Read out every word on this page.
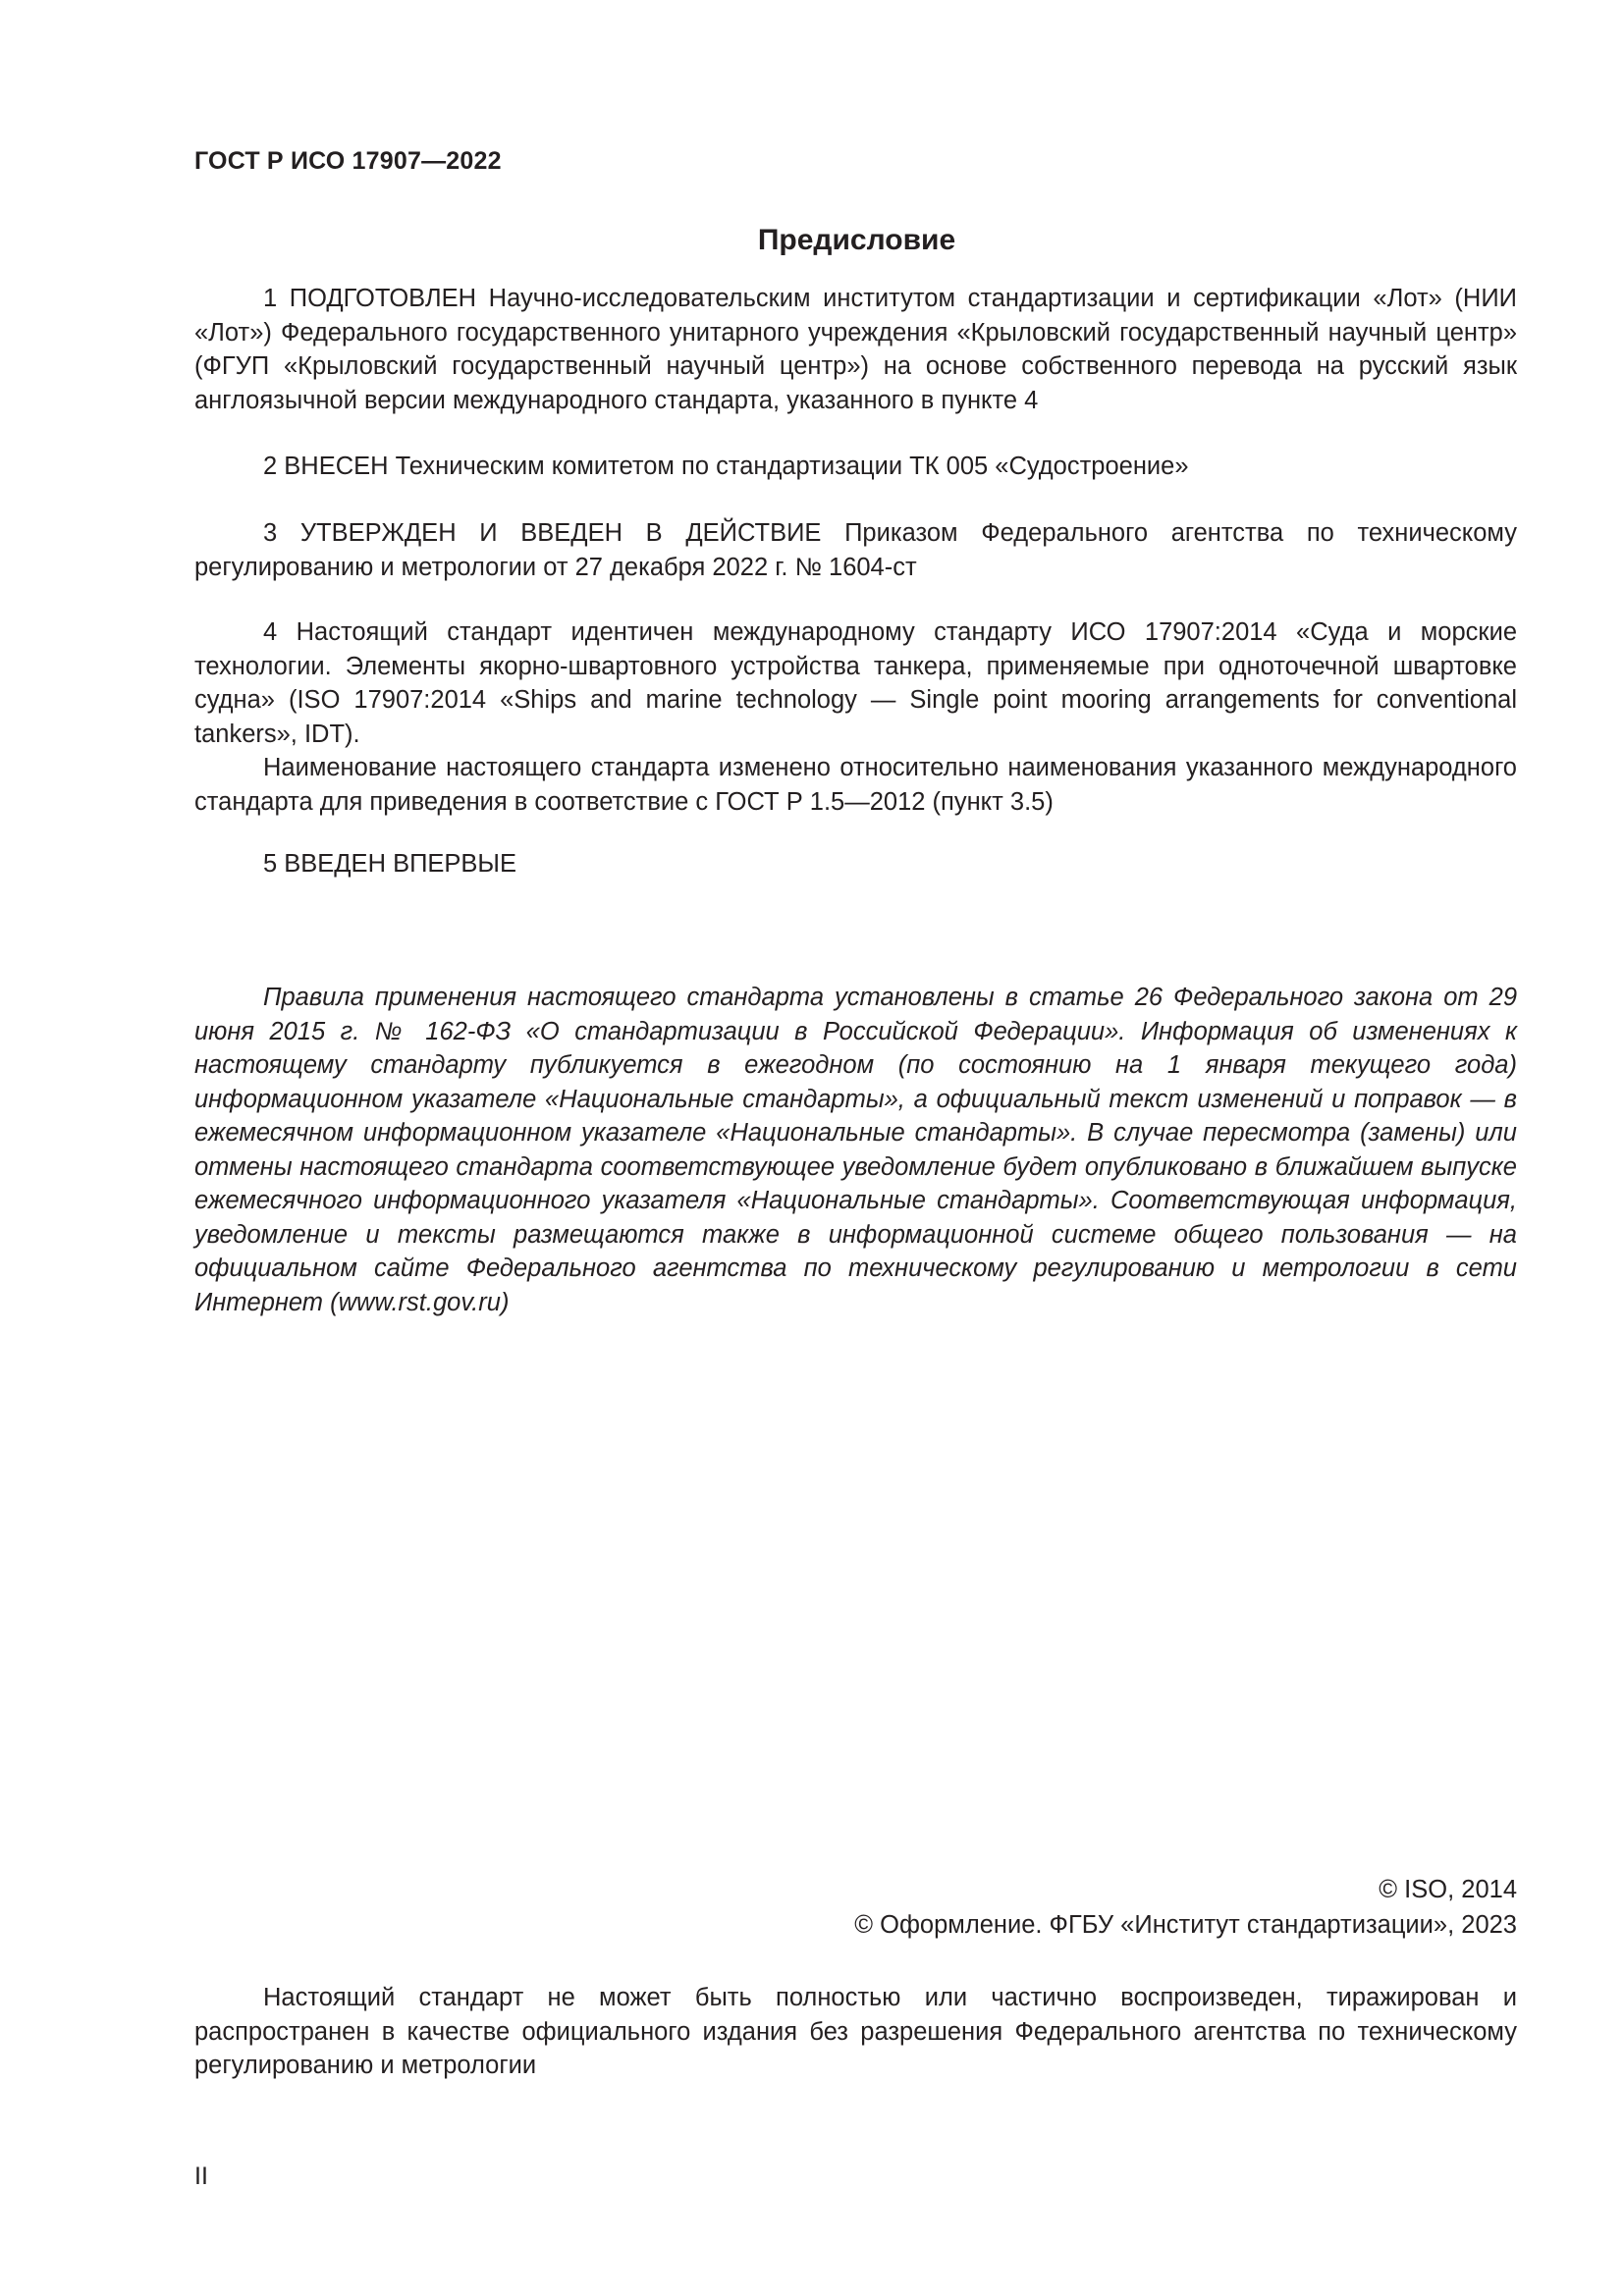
ГОСТ Р ИСО 17907—2022
Предисловие

1 ПОДГОТОВЛЕН Научно-исследовательским институтом стандартизации и сертификации «Лот» (НИИ «Лот») Федерального государственного унитарного учреждения «Крыловский государственный научный центр» (ФГУП «Крыловский государственный научный центр») на основе собственного перевода на русский язык англоязычной версии международного стандарта, указанного в пункте 4

2 ВНЕСЕН Техническим комитетом по стандартизации ТК 005 «Судостроение»

3 УТВЕРЖДЕН И ВВЕДЕН В ДЕЙСТВИЕ Приказом Федерального агентства по техническому регулированию и метрологии от 27 декабря 2022 г. № 1604-ст

4 Настоящий стандарт идентичен международному стандарту ИСО 17907:2014 «Суда и морские технологии. Элементы якорно-швартовного устройства танкера, применяемые при одноточечной швартовке судна» (ISO 17907:2014 «Ships and marine technology — Single point mooring arrangements for conventional tankers», IDT).

Наименование настоящего стандарта изменено относительно наименования указанного международного стандарта для приведения в соответствие с ГОСТ Р 1.5—2012 (пункт 3.5)

5 ВВЕДЕН ВПЕРВЫЕ

Правила применения настоящего стандарта установлены в статье 26 Федерального закона от 29 июня 2015 г. № 162-ФЗ «О стандартизации в Российской Федерации». Информация об изменениях к настоящему стандарту публикуется в ежегодном (по состоянию на 1 января текущего года) информационном указателе «Национальные стандарты», а официальный текст изменений и поправок — в ежемесячном информационном указателе «Национальные стандарты». В случае пересмотра (замены) или отмены настоящего стандарта соответствующее уведомление будет опубликовано в ближайшем выпуске ежемесячного информационного указателя «Национальные стандарты». Соответствующая информация, уведомление и тексты размещаются также в информационной системе общего пользования — на официальном сайте Федерального агентства по техническому регулированию и метрологии в сети Интернет (www.rst.gov.ru)

© ISO, 2014
© Оформление. ФГБУ «Институт стандартизации», 2023

Настоящий стандарт не может быть полностью или частично воспроизведен, тиражирован и распространен в качестве официального издания без разрешения Федерального агентства по техническому регулированию и метрологии

II
